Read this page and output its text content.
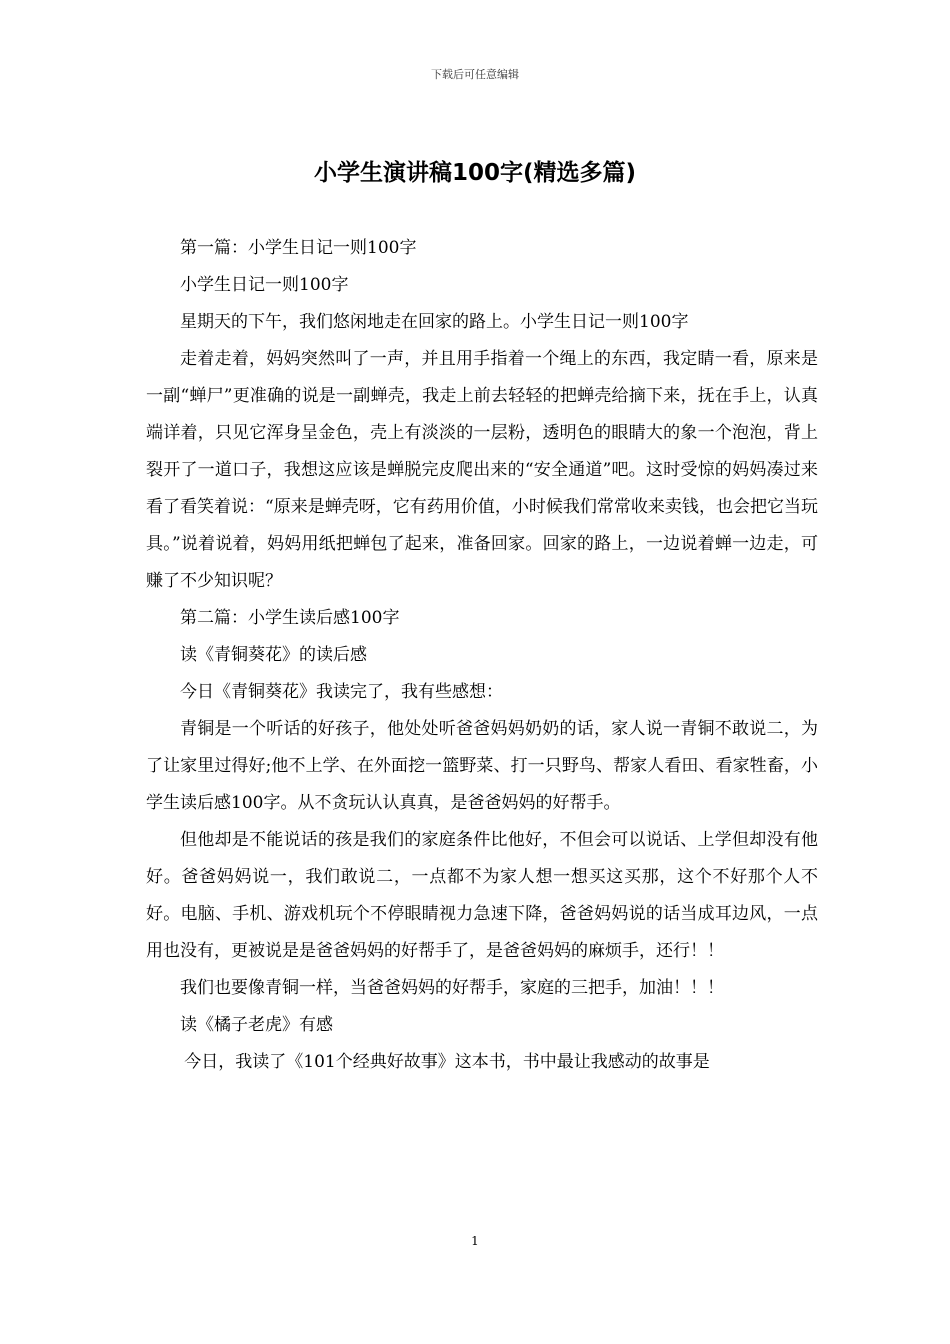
下载后可任意编辑
小学生演讲稿100字(精选多篇)

第一篇：小学生日记一则100字

小学生日记一则100字

星期天的下午，我们悠闲地走在回家的路上。小学生日记一则100字

走着走着，妈妈突然叫了一声，并且用手指着一个绳上的东西，我定睛一看，原来是一副“蝉尸”更准确的说是一副蝉壳，我走上前去轻轻的把蝉壳给摘下来，抚在手上，认真端详着，只见它浑身呈金色，壳上有淡淡的一层粉，透明色的眼睛大的象一个泡泡，背上裂开了一道口子，我想这应该是蝉脱完皮爬出来的“安全通道”吧。这时受惊的妈妈凑过来看了看笑着说：“原来是蝉壳呀，它有药用价值，小时候我们常常收来卖钱，也会把它当玩具。”说着说着，妈妈用纸把蝉包了起来，准备回家。回家的路上，一边说着蝉一边走，可赚了不少知识呢？

第二篇：小学生读后感100字

读《青铜葵花》的读后感

今日《青铜葵花》我读完了，我有些感想：

青铜是一个听话的好孩子，他处处听爸爸妈妈奶奶的话，家人说一青铜不敢说二，为了让家里过得好;他不上学、在外面挖一篮野菜、打一只野鸟、帮家人看田、看家牲畜，小学生读后感100字。从不贪玩认认真真，是爸爸妈妈的好帮手。

但他却是不能说话的孩是我们的家庭条件比他好，不但会可以说话、上学但却没有他好。爸爸妈妈说一，我们敢说二，一点都不为家人想一想买这买那，这个不好那个人不好。电脑、手机、游戏机玩个不停眼睛视力急速下降，爸爸妈妈说的话当成耳边风，一点用也没有，更被说是是爸爸妈妈的好帮手了，是爸爸妈妈的麻烦手，还行！！

我们也要像青铜一样，当爸爸妈妈的好帮手，家庭的三把手，加油！！！

读《橘子老虎》有感

今日，我读了《101个经典好故事》这本书，书中最让我感动的故事是

1
